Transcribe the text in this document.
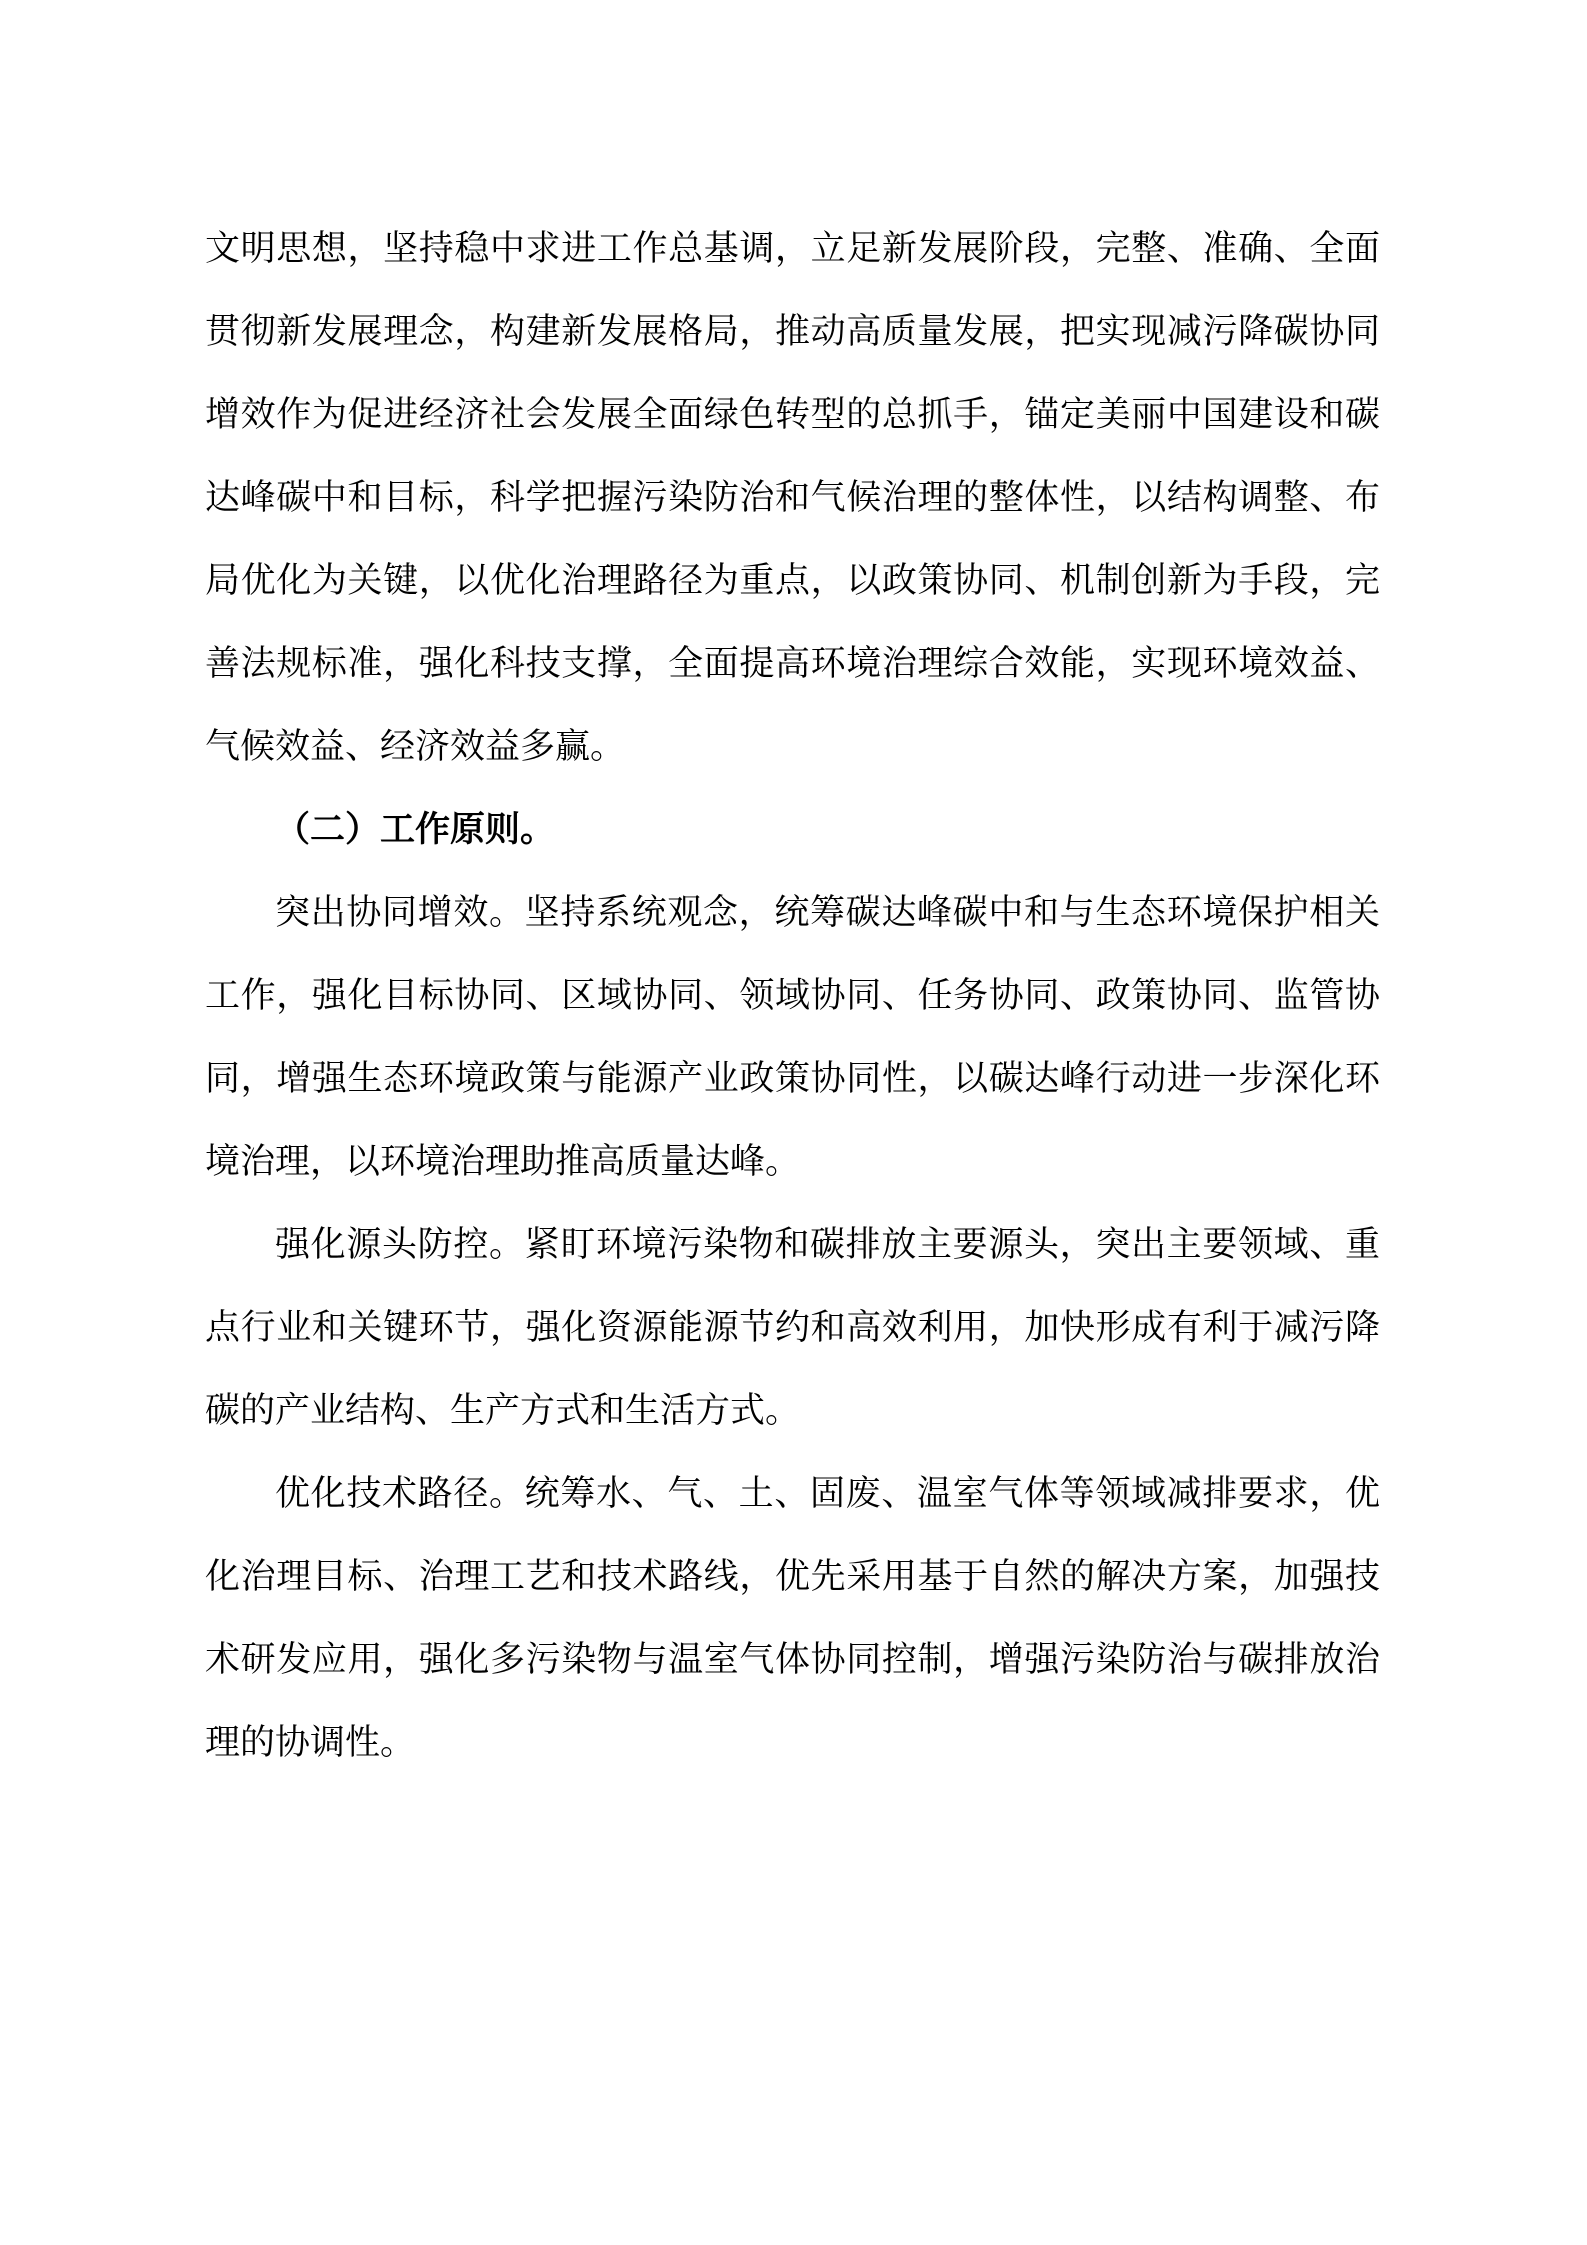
文明思想，坚持稳中求进工作总基调，立足新发展阶段，完整、准确、全面
贯彻新发展理念，构建新发展格局，推动高质量发展，把实现减污降碳协同
增效作为促进经济社会发展全面绿色转型的总抓手，锚定美丽中国建设和碳
达峰碳中和目标，科学把握污染防治和气候治理的整体性，以结构调整、布
局优化为关键，以优化治理路径为重点，以政策协同、机制创新为手段，完
善法规标准，强化科技支撑，全面提高环境治理综合效能，实现环境效益、
气候效益、经济效益多赢。
（二）工作原则。
突出协同增效。坚持系统观念，统筹碳达峰碳中和与生态环境保护相关
工作，强化目标协同、区域协同、领域协同、任务协同、政策协同、监管协
同，增强生态环境政策与能源产业政策协同性，以碳达峰行动进一步深化环
境治理，以环境治理助推高质量达峰。
强化源头防控。紧盯环境污染物和碳排放主要源头，突出主要领域、重
点行业和关键环节，强化资源能源节约和高效利用，加快形成有利于减污降
碳的产业结构、生产方式和生活方式。
优化技术路径。统筹水、气、土、固废、温室气体等领域减排要求，优
化治理目标、治理工艺和技术路线，优先采用基于自然的解决方案，加强技
术研发应用，强化多污染物与温室气体协同控制，增强污染防治与碳排放治
理的协调性。
